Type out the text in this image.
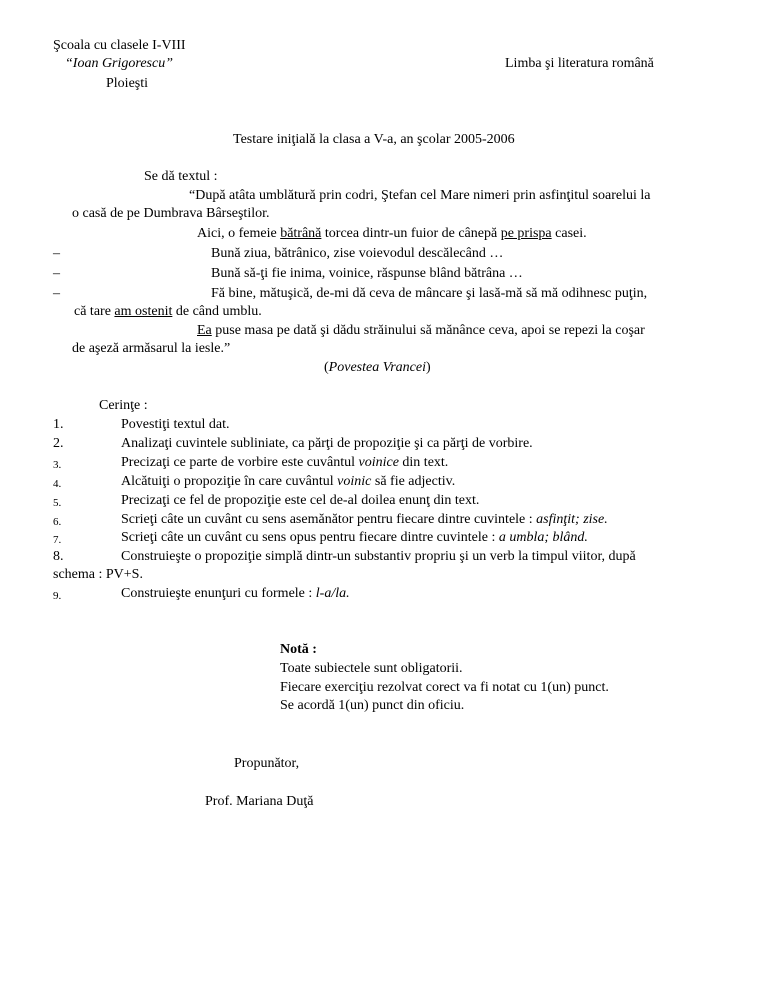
Şcoala cu clasele I-VIII
“Ioan Grigorescu”
Ploieşti
Limba şi literatura română
Testare iniţială la clasa a V-a, an şcolar 2005-2006
Se dă textul :
“După atâta umblătură prin codri, Ştefan cel Mare nimeri prin asfinţitul soarelui la
o casă de pe Dumbrava Bârseştilor.
Aici, o femeie bătrână torcea dintr-un fuior de cânepă pe prispa casei.
–	Bună ziua, bătrânico, zise voievodul descălecând …
–	Bună să-ţi fie inima, voinice, răspunse blând bătrâna …
–	Fă bine, mătuşică, de-mi dă ceva de mâncare şi lasă-mă să mă odihnesc puţin,
că tare am ostenit de când umblu.
Ea puse masa pe dată şi dădu străinului să mănânce ceva, apoi se repezi la coşar
de aşeză armăsarul la iesle.”
(Povestea Vrancei)
Cerinţe :
1.	Povestiţi textul dat.
2.	Analizaţi cuvintele subliniate, ca părţi de propoziţie şi ca părţi de vorbire.
3.	Precizaţi ce parte de vorbire este cuvântul voinice din text.
4.	Alcătuiţi o propoziţie în care cuvântul voinic să fie adjectiv.
5.	Precizaţi ce fel de propoziţie este cel de-al doilea enunţ din text.
6.	Scrieţi câte un cuvânt cu sens asemănător pentru fiecare dintre cuvintele : asfinţit; zise.
7.	Scrieţi câte un cuvânt cu sens opus pentru fiecare dintre cuvintele : a umbla; blând.
8.	Construieşte o propoziţie simplă dintr-un substantiv propriu şi un verb la timpul viitor, după
schema : PV+S.
9.	Construieşte enunţuri cu formele : l-a/la.
Notă :
Toate subiectele sunt obligatorii.
Fiecare exerciţiu rezolvat corect va fi notat cu 1(un) punct.
Se acordă 1(un) punct din oficiu.
Propunător,
Prof. Mariana Duţă
